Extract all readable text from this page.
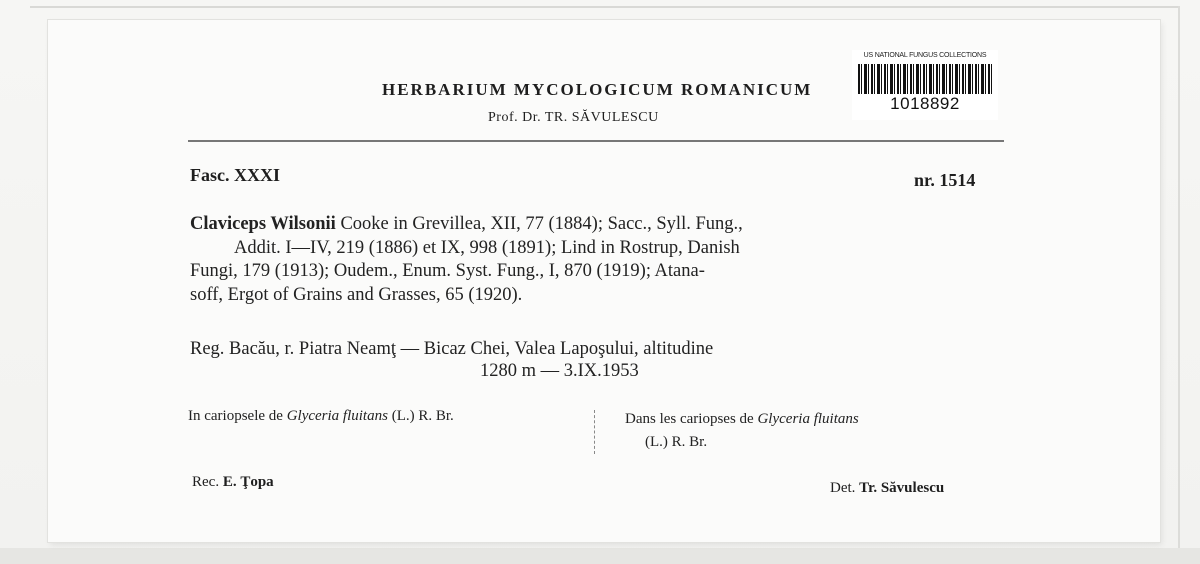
HERBARIUM MYCOLOGICUM ROMANICUM
Prof. Dr. TR. SĂVULESCU
US NATIONAL FUNGUS COLLECTIONS
1018892
Fasc. XXXI	nr. 1514
Claviceps Wilsonii Cooke in Grevillea, XII, 77 (1884); Sacc., Syll. Fung.,
Addit. I—IV, 219 (1886) et IX, 998 (1891); Lind in Rostrup, Danish
Fungi, 179 (1913); Oudem., Enum. Syst. Fung., I, 870 (1919); Atana-
soff, Ergot of Grains and Grasses, 65 (1920).
Reg. Bacău, r. Piatra Neamţ — Bicaz Chei, Valea Lapoşului, altitudine
1280 m — 3.IX.1953
In cariopsele de Glyceria fluitans (L.) R. Br.	Dans les cariopses de Glyceria fluitans
(L.) R. Br.
Rec. E. Ţopa	Det. Tr. Săvulescu
